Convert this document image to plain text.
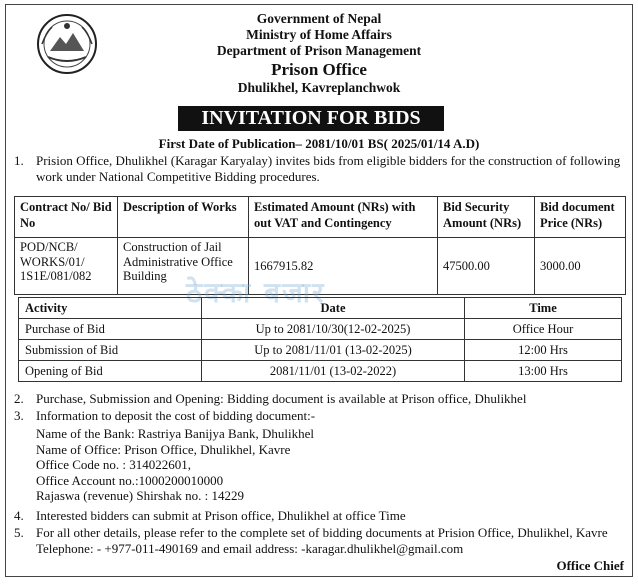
Government of Nepal
Ministry of Home Affairs
Department of Prison Management
Prison Office
Dhulikhel, Kavreplanchwok
INVITATION FOR BIDS
First Date of Publication– 2081/10/01 BS( 2025/01/14 A.D)
1. Prision Office, Dhulikhel (Karagar Karyalay) invites bids from eligible bidders for the construction of following work under National Competitive Bidding procedures.
Contract No/ Bid No	Description of Works	Estimated Amount (NRs) with out VAT and Contingency	Bid Security Amount (NRs)	Bid document Price (NRs)
POD/NCB/ WORKS/01/ 1S1E/081/082	Construction of Jail Administrative Office Building	1667915.82	47500.00	3000.00
ठेक्का बजार
Activity	Date	Time
Purchase of Bid	Up to 2081/10/30(12-02-2025)	Office Hour
Submission of Bid	Up to 2081/11/01 (13-02-2025)	12:00 Hrs
Opening of Bid	2081/11/01 (13-02-2022)	13:00 Hrs
2. Purchase, Submission and Opening: Bidding document is available at Prison office, Dhulikhel
3. Information to deposit the cost of bidding document:-
Name of the Bank: Rastriya Banijya Bank, Dhulikhel
Name of Office: Prison Office, Dhulikhel, Kavre
Office Code no. : 314022601,
Office Account no.:1000200010000
Rajaswa (revenue) Shirshak no. : 14229
4. Interested bidders can submit at Prison office, Dhulikhel at office Time
5. For all other details, please refer to the complete set of bidding documents at Prision Office, Dhulikhel, Kavre Telephone: - +977-011-490169 and email address: -karagar.dhulikhel@gmail.com
Office Chief
